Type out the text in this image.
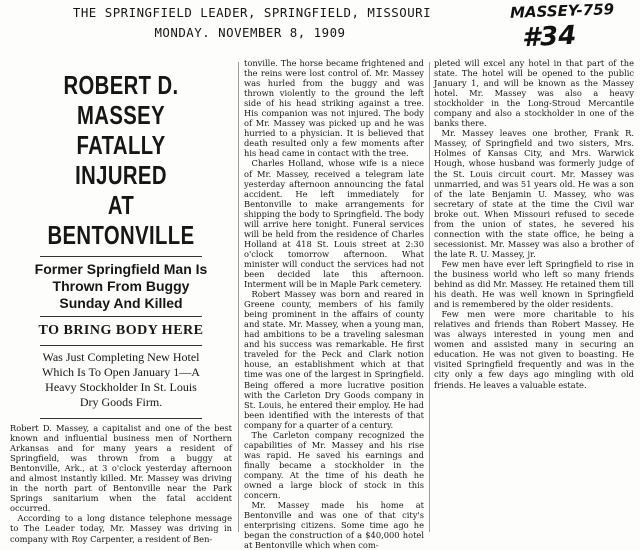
THE SPRINGFIELD LEADER, SPRINGFIELD, MISSOURI
MONDAY. NOVEMBER 8, 1909
MASSEY-759
#34
ROBERT D. MASSEY
FATALLY INJURED
AT BENTONVILLE
Former Springfield Man Is
Thrown From Buggy
Sunday And Killed
TO BRING BODY HERE
Was Just Completing New Hotel
Which Is To Open January 1—A
Heavy Stockholder In St. Louis
Dry Goods Firm.

Robert D. Massey, a capitalist and one of the best known and influential business men of Northern Arkansas and for many years a resident of Springfield, was thrown from a buggy at Bentonville, Ark., at 3 o'clock yesterday afternoon and almost instantly killed. Mr. Massey was driving in the north part of Bentonville near the Park Springs sanitarium when the fatal accident occurred.

According to a long distance telephone message to The Leader today, Mr. Massey was driving in company with Roy Carpenter, a resident of Ben-

tonville. The horse became frightened and the reins were lost control of. Mr. Massey was hurled from the buggy and was thrown violently to the ground the left side of his head striking against a tree. His companion was not injured. The body of Mr. Massey was picked up and he was hurried to a physician. It is believed that death resulted only a few moments after his head came in contact with the tree.

Charles Holland, whose wife is a niece of Mr. Massey, received a telegram late yesterday afternoon announcing the fatal accident. He left immediately for Bentonville to make arrangements for shipping the body to Springfield. The body will arrive here tonight. Funeral services will be held from the residence of Charles Holland at 418 St. Louis street at 2:30 o'clock tomorrow afternoon. What minister will conduct the services had not been decided late this afternoon. Interment will be in Maple Park cemetery.

Robert Massey was born and reared in Greene county, members of his family being prominent in the affairs of county and state. Mr. Massey, when a young man, had ambitions to be a traveling salesman and his success was remarkable. He first traveled for the Peck and Clark notion house, an establishment which at that time was one of the largest in Springfield. Being offered a more lucrative position with the Carleton Dry Goods company in St. Louis, he entered their employ. He had been identified with the interests of that company for a quarter of a century.

The Carleton company recognized the capabilities of Mr. Massey and his rise was rapid. He saved his earnings and finally became a stockholder in the company. At the time of his death he owned a large block of stock in this concern.

Mr. Massey made his home at Bentonville and was one of that city's enterprising citizens. Some time ago he began the construction of a $40,000 hotel at Bentonville which when com-

pleted will excel any hotel in that part of the state. The hotel will be opened to the public January 1, and will be known as the Massey hotel. Mr. Massey was also a heavy stockholder in the Long-Stroud Mercantile company and also a stockholder in one of the banks there.

Mr. Massey leaves one brother, Frank R. Massey, of Springfield and two sisters, Mrs. Holmes of Kansas City, and Mrs. Warwick Hough, whose husband was formerly judge of the St. Louis circuit court. Mr. Massey was unmarried, and was 51 years old. He was a son of the late Benjamin U. Massey, who was secretary of state at the time the Civil war broke out. When Missouri refused to secede from the union of states, he severed his connection with the state office, he being a secessionist. Mr. Massey was also a brother of the late R. U. Massey, jr.

Few men have ever left Springfield to rise in the business world who left so many friends behind as did Mr. Massey. He retained them till his death. He was well known in Springfield and is remembered by the older residents.

Few men were more charitable to his relatives and friends than Robert Massey. He was always interested in young men and women and assisted many in securing an education. He was not given to boasting. He visited Springfield frequently and was in the city only a few days ago mingling with old friends. He leaves a valuable estate.
